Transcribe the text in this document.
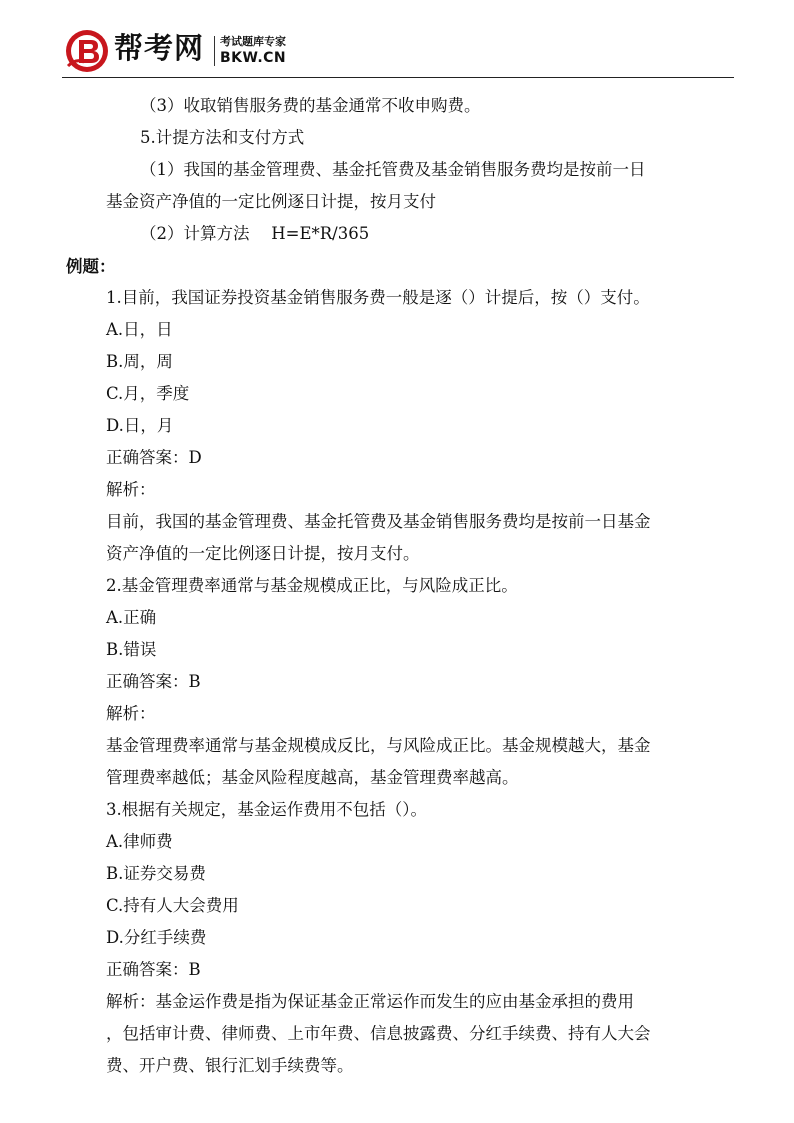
帮考网 考试题库专家
BKW.CN
（3）收取销售服务费的基金通常不收申购费。
5.计提方法和支付方式
（1）我国的基金管理费、基金托管费及基金销售服务费均是按前一日
基金资产净值的一定比例逐日计提，按月支付
（2）计算方法　 H=E*R/365
例题：
1.目前，我国证券投资基金销售服务费一般是逐（）计提后，按（）支付。
A.日，日
B.周，周
C.月，季度
D.日，月
正确答案：D
解析：
目前，我国的基金管理费、基金托管费及基金销售服务费均是按前一日基金
资产净值的一定比例逐日计提，按月支付。
2.基金管理费率通常与基金规模成正比，与风险成正比。
A.正确
B.错误
正确答案：B
解析：
基金管理费率通常与基金规模成反比，与风险成正比。基金规模越大，基金
管理费率越低；基金风险程度越高，基金管理费率越高。
3.根据有关规定，基金运作费用不包括（）。
A.律师费
B.证券交易费
C.持有人大会费用
D.分红手续费
正确答案：B
解析：基金运作费是指为保证基金正常运作而发生的应由基金承担的费用
，包括审计费、律师费、上市年费、信息披露费、分红手续费、持有人大会
费、开户费、银行汇划手续费等。
